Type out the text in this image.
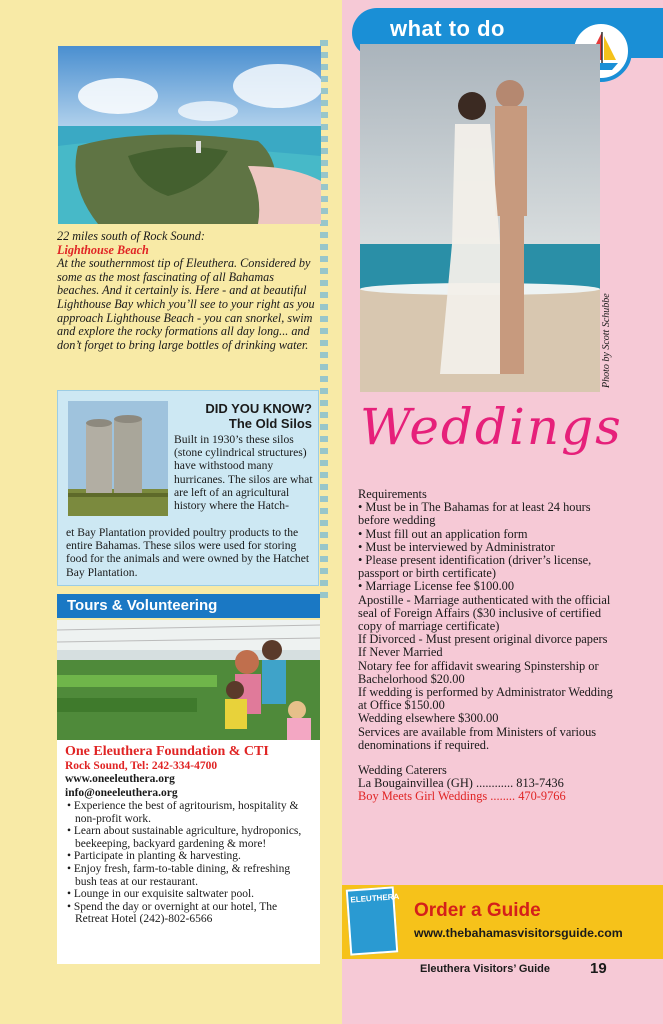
what to do
22 miles south of Rock Sound:
Lighthouse Beach
At the southernmost tip of Eleuthera. Considered by some as the most fascinating of all Bahamas beaches. And it certainly is. Here - and at beautiful Lighthouse Bay which you’ll see to your right as you approach Lighthouse Beach - you can snorkel, swim and explore the rocky formations all day long... and don’t forget to bring large bottles of drinking water.
DID YOU KNOW?
The Old Silos
Built in 1930’s these silos (stone cylindrical structures) have withstood many hurricanes. The silos are what are left of an agricultural history where the Hatch-
et Bay Plantation provided poultry products to the entire Bahamas. These silos were used for storing food for the animals and were owned by the Hatchet Bay Plantation.
Tours & Volunteering
One Eleuthera Foundation & CTI
Rock Sound, Tel: 242-334-4700
www.oneeleuthera.org
info@oneeleuthera.org
• Experience the best of agritourism, hospitality & non-profit work.
• Learn about sustainable agriculture, hydroponics, beekeeping, backyard gardening & more!
• Participate in planting & harvesting.
• Enjoy fresh, farm-to-table dining, & refreshing bush teas at our restaurant.
• Lounge in our exquisite saltwater pool.
• Spend the day or overnight at our hotel, The Retreat Hotel (242)-802-6566
Photo by Scott Schubbe
Weddings
Requirements
• Must be in The Bahamas for at least 24 hours before wedding
• Must fill out an application form
• Must be interviewed by Administrator
• Please present identification (driver’s license, passport or birth certificate)
• Marriage License fee $100.00
Apostille - Marriage authenticated with the official seal of Foreign Affairs ($30 inclusive of certified copy of marriage certificate)
If Divorced - Must present original divorce papers
If Never Married
Notary fee for affidavit swearing Spinstership or
Bachelorhood $20.00
If wedding is performed by Administrator Wedding at Office $150.00
Wedding elsewhere $300.00
Services are available from Ministers of various denominations if required.
Wedding Caterers
La Bougainvillea (GH) ............ 813-7436
Boy Meets Girl Weddings ........ 470-9766
ELEUTHERA
Order a Guide
www.thebahamasvisitorsguide.com
Eleuthera Visitors’ Guide	19
